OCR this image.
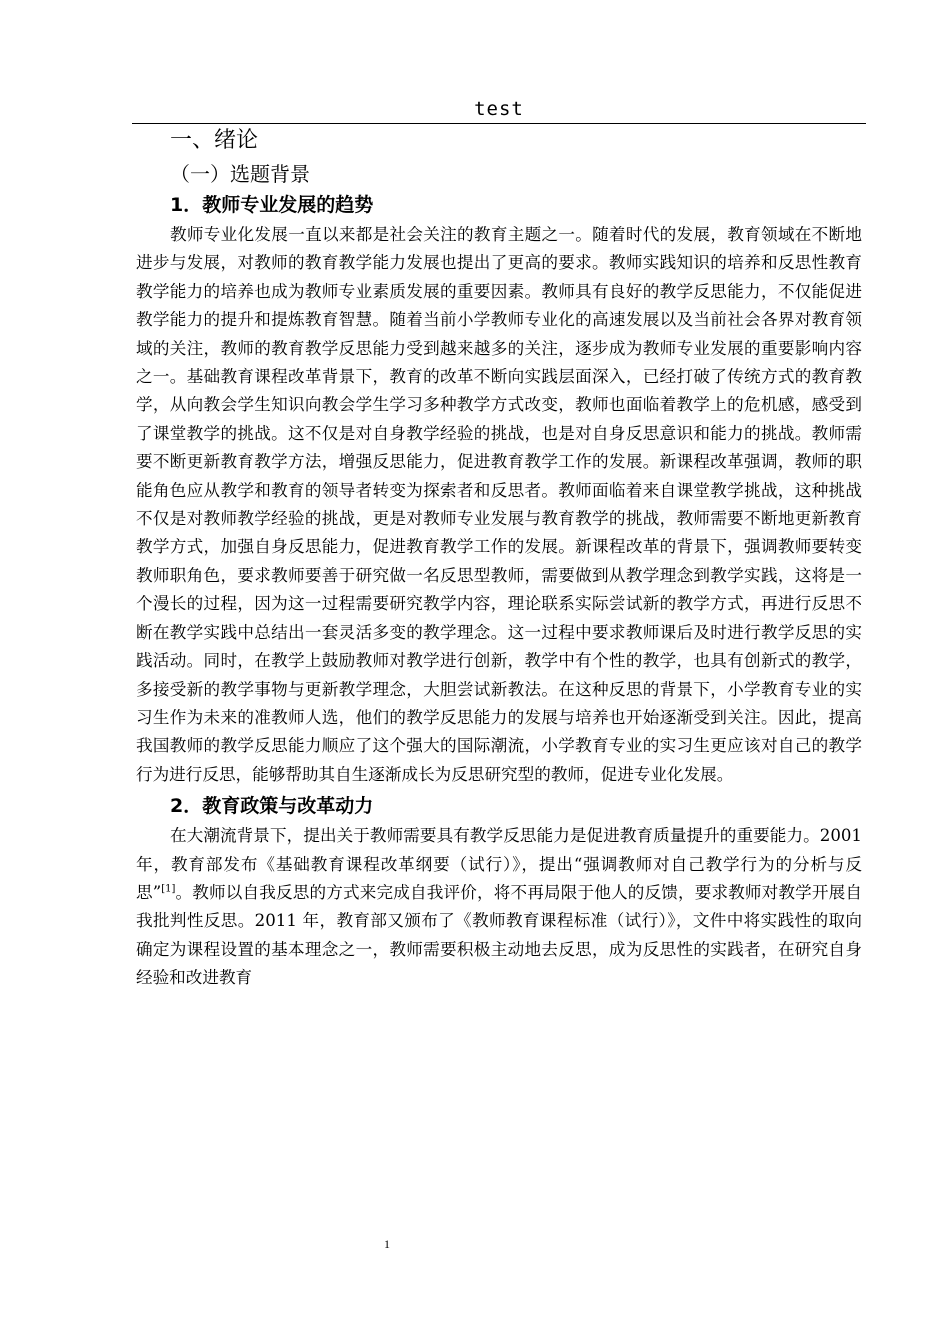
test
一、绪论
（一）选题背景
1．教师专业发展的趋势

教师专业化发展一直以来都是社会关注的教育主题之一。随着时代的发展，教育领域在不断地进步与发展，对教师的教育教学能力发展也提出了更高的要求。教师实践知识的培养和反思性教育教学能力的培养也成为教师专业素质发展的重要因素。教师具有良好的教学反思能力，不仅能促进教学能力的提升和提炼教育智慧。随着当前小学教师专业化的高速发展以及当前社会各界对教育领域的关注，教师的教育教学反思能力受到越来越多的关注，逐步成为教师专业发展的重要影响内容之一。基础教育课程改革背景下，教育的改革不断向实践层面深入，已经打破了传统方式的教育教学，从向教会学生知识向教会学生学习多种教学方式改变，教师也面临着教学上的危机感，感受到了课堂教学的挑战。这不仅是对自身教学经验的挑战，也是对自身反思意识和能力的挑战。教师需要不断更新教育教学方法，增强反思能力，促进教育教学工作的发展。新课程改革强调，教师的职能角色应从教学和教育的领导者转变为探索者和反思者。教师面临着来自课堂教学挑战，这种挑战不仅是对教师教学经验的挑战，更是对教师专业发展与教育教学的挑战，教师需要不断地更新教育教学方式，加强自身反思能力，促进教育教学工作的发展。新课程改革的背景下，强调教师要转变教师职角色，要求教师要善于研究做一名反思型教师，需要做到从教学理念到教学实践，这将是一个漫长的过程，因为这一过程需要研究教学内容，理论联系实际尝试新的教学方式，再进行反思不断在教学实践中总结出一套灵活多变的教学理念。这一过程中要求教师课后及时进行教学反思的实践活动。同时，在教学上鼓励教师对教学进行创新，教学中有个性的教学，也具有创新式的教学，多接受新的教学事物与更新教学理念，大胆尝试新教法。在这种反思的背景下，小学教育专业的实习生作为未来的准教师人选，他们的教学反思能力的发展与培养也开始逐渐受到关注。因此，提高我国教师的教学反思能力顺应了这个强大的国际潮流，小学教育专业的实习生更应该对自己的教学行为进行反思，能够帮助其自生逐渐成长为反思研究型的教师，促进专业化发展。

2．教育政策与改革动力

在大潮流背景下，提出关于教师需要具有教学反思能力是促进教育质量提升的重要能力。2001 年，教育部发布《基础教育课程改革纲要（试行）》，提出“强调教师对自己教学行为的分析与反思”[1]。教师以自我反思的方式来完成自我评价，将不再局限于他人的反馈，要求教师对教学开展自我批判性反思。2011 年，教育部又颁布了《教师教育课程标准（试行）》，文件中将实践性的取向确定为课程设置的基本理念之一，教师需要积极主动地去反思，成为反思性的实践者，在研究自身经验和改进教育

1
